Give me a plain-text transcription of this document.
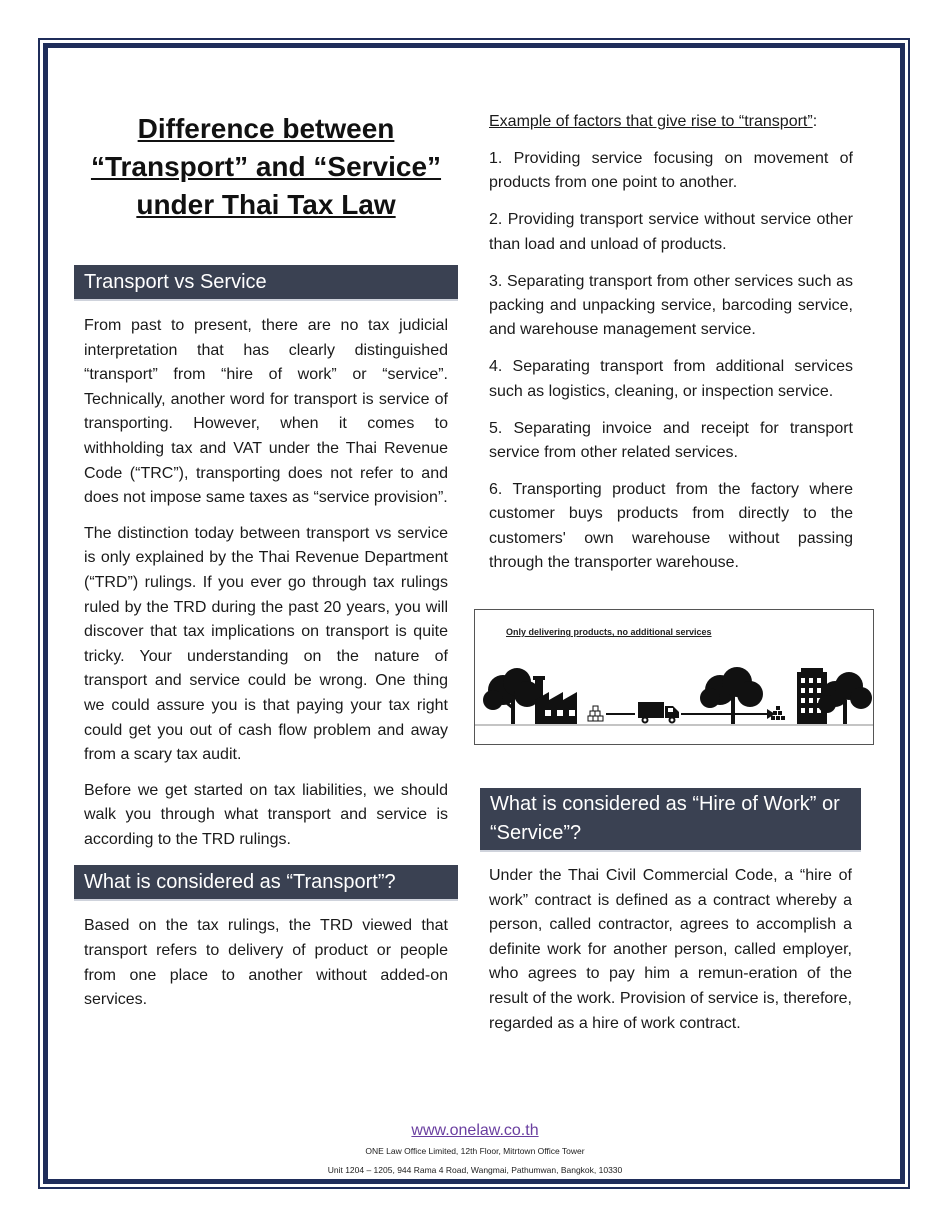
Difference between
“Transport” and “Service”
under Thai Tax Law
Transport vs Service

From past to present, there are no tax judicial interpretation that has clearly distinguished “transport” from “hire of work” or “service”. Technically, another word for transport is service of transporting. However, when it comes to withholding tax and VAT under the Thai Revenue Code (“TRC”), transporting does not refer to and does not impose same taxes as “service provision”.

The distinction today between transport vs service is only explained by the Thai Revenue Department (“TRD”) rulings. If you ever go through tax rulings ruled by the TRD during the past 20 years, you will discover that tax implications on transport is quite tricky. Your understanding on the nature of transport and service could be wrong. One thing we could assure you is that paying your tax right could get you out of cash flow problem and away from a scary tax audit.

Before we get started on tax liabilities, we should walk you through what transport and service is according to the TRD rulings.

What is considered as “Transport”?

Based on the tax rulings, the TRD viewed that transport refers to delivery of product or people from one place to another without added-on services.

Example of factors that give rise to “transport”:

1. Providing service focusing on movement of products from one point to another.

2. Providing transport service without service other than load and unload of products.

3. Separating transport from other services such as packing and unpacking service, barcoding service, and warehouse management service.

4. Separating transport from additional services such as logistics, cleaning, or inspection service.

5. Separating invoice and receipt for transport service from other related services.

6. Transporting product from the factory where customer buys products from directly to the customers' own warehouse without passing through the transporter warehouse.

Only delivering products, no additional services
What is considered as “Hire of Work” or “Service”?

Under the Thai Civil Commercial Code, a “hire of work” contract is defined as a contract whereby a person, called contractor, agrees to accomplish a definite work for another person, called employer, who agrees to pay him a remun-eration of the result of the work. Provision of service is, therefore, regarded as a hire of work contract.

www.onelaw.co.th
ONE Law Office Limited, 12th Floor, Mitrtown Office Tower
Unit 1204 – 1205, 944 Rama 4 Road, Wangmai, Pathumwan, Bangkok, 10330
